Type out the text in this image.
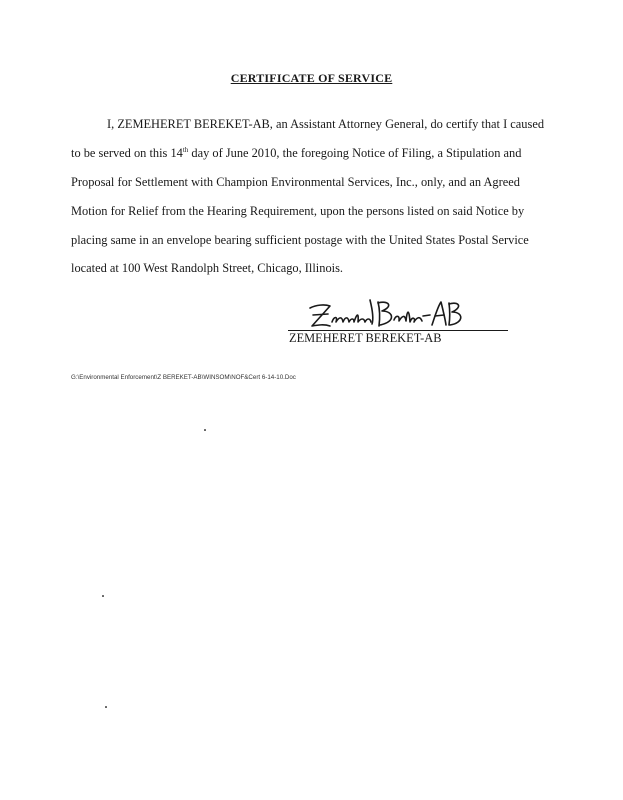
CERTIFICATE OF SERVICE
I, ZEMEHERET BEREKET-AB, an Assistant Attorney General, do certify that I caused
to be served on this 14th day of June 2010, the foregoing Notice of Filing, a Stipulation and
Proposal for Settlement with Champion Environmental Services, Inc., only, and an Agreed
Motion for Relief from the Hearing Requirement, upon the persons listed on said Notice by
placing same in an envelope bearing sufficient postage with the United States Postal Service
located at 100 West Randolph Street, Chicago, Illinois.
ZEMEHERET BEREKET-AB
G:\Environmental Enforcement\Z BEREKET-AB\WINSOM\NOF&Cert 6-14-10.Doc
